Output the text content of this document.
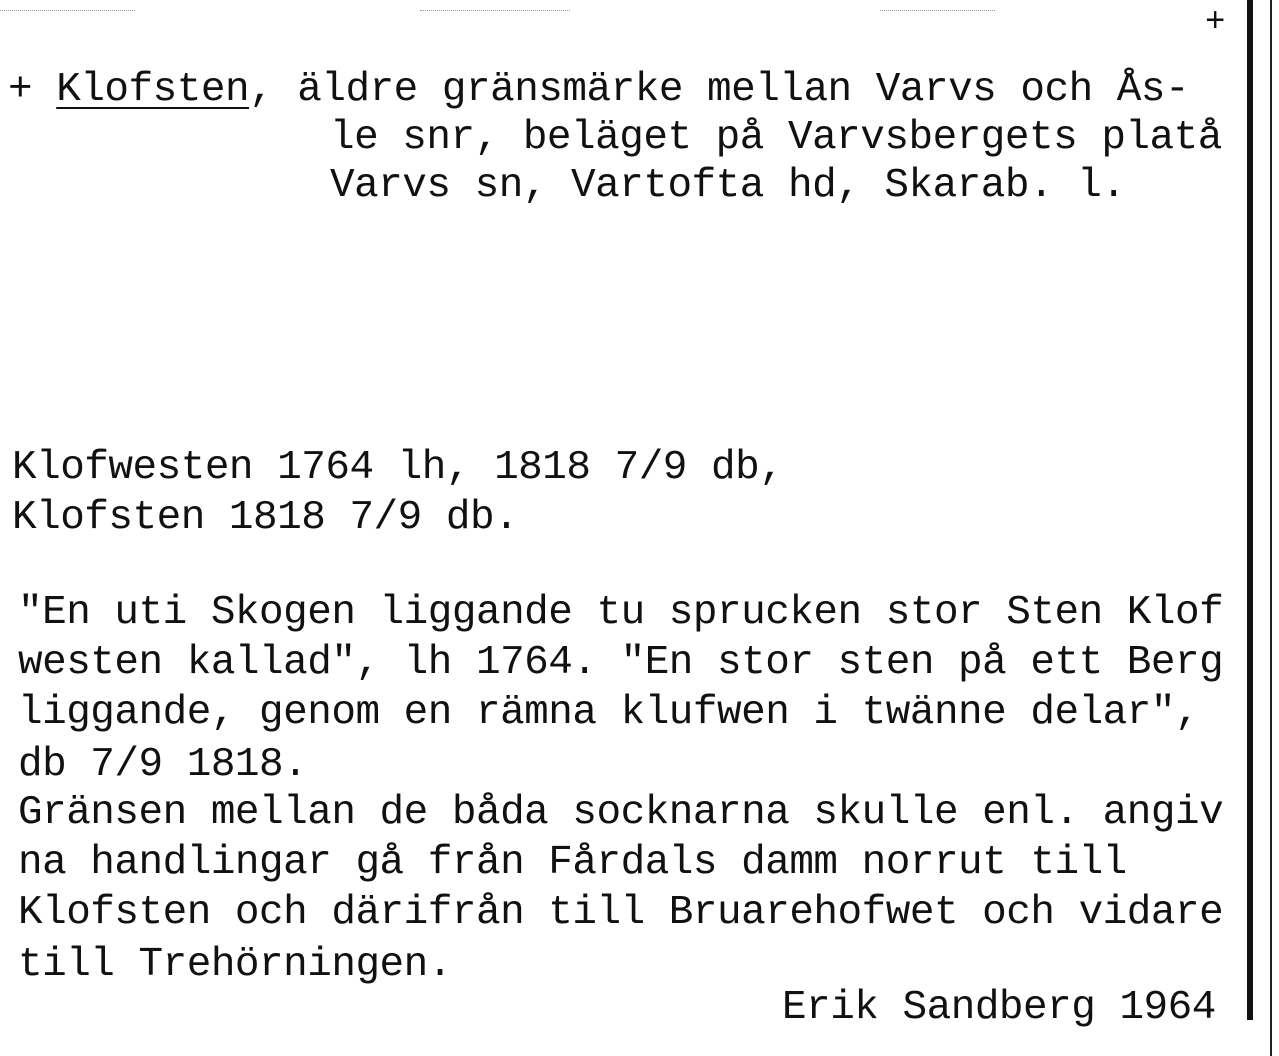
+
+ Klofsten, äldre gränsmärke mellan Varvs och Ås-
le snr, beläget på Varvsbergets platå
Varvs sn, Vartofta hd, Skarab. l.
Klofwesten 1764 lh, 1818 7/9 db,
Klofsten 1818 7/9 db.
"En uti Skogen liggande tu sprucken stor Sten Klof
westen kallad", lh 1764. "En stor sten på ett Berg
liggande, genom en rämna klufwen i twänne delar",
db 7/9 1818.
Gränsen mellan de båda socknarna skulle enl. angiv
na handlingar gå från Fårdals damm norrut till
Klofsten och därifrån till Bruarehofwet och vidare
till Trehörningen.
Erik Sandberg 1964
